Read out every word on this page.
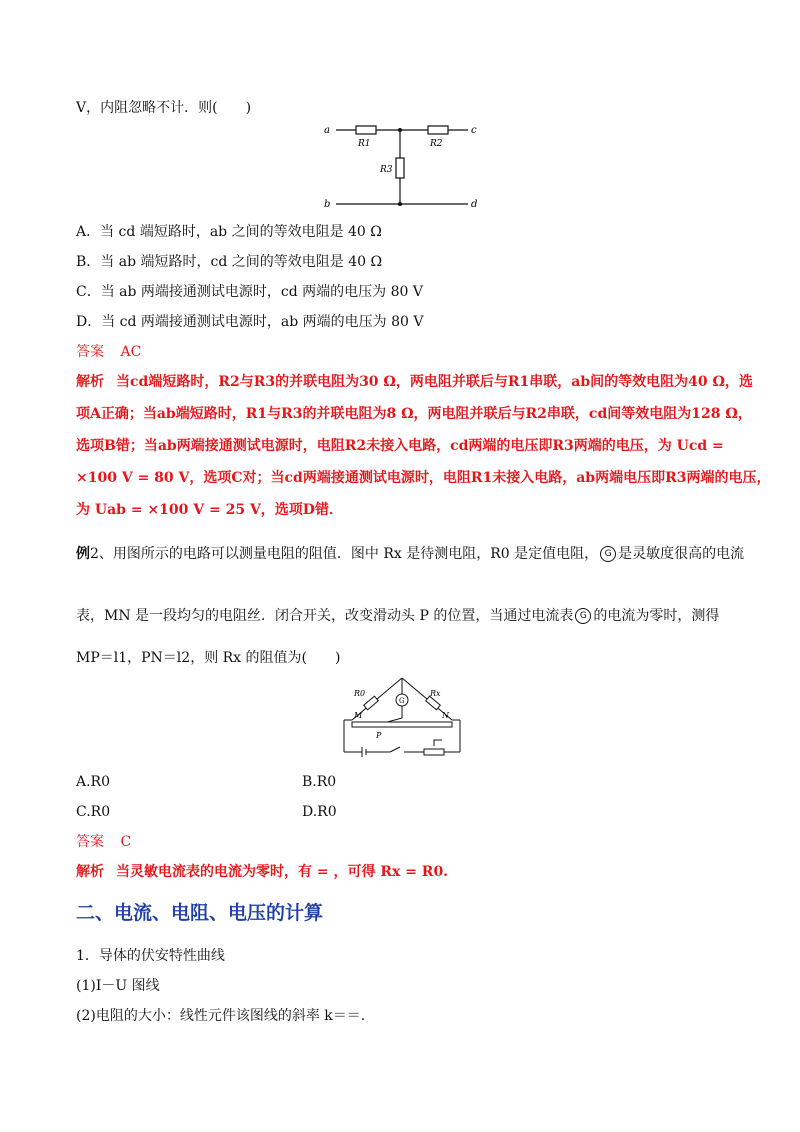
V，内阻忽略不计．则(　　)
a	c
b	d
R1	R2
R3
A．当 cd 端短路时，ab 之间的等效电阻是 40 Ω
B．当 ab 端短路时，cd 之间的等效电阻是 40 Ω
C．当 ab 两端接通测试电源时，cd 两端的电压为 80 V
D．当 cd 两端接通测试电源时，ab 两端的电压为 80 V
答案 AC
解析 当cd端短路时，R2与R3的并联电阻为30 Ω，两电阻并联后与R1串联，ab间的等效电阻为40 Ω，选
项A正确；当ab端短路时，R1与R3的并联电阻为8 Ω，两电阻并联后与R2串联，cd间等效电阻为128 Ω，
选项B错；当ab两端接通测试电源时，电阻R2未接入电路，cd两端的电压即R3两端的电压，为 Ucd =
×100 V = 80 V，选项C对；当cd两端接通测试电源时，电阻R1未接入电路，ab两端电压即R3两端的电压，
为 Uab = ×100 V = 25 V，选项D错．
例2、用图所示的电路可以测量电阻的阻值．图中 Rx 是待测电阻，R0 是定值电阻， G 是灵敏度很高的电流
表，MN 是一段均匀的电阻丝．闭合开关，改变滑动头 P 的位置，当通过电流表 G 的电流为零时，测得
MP＝l1，PN＝l2，则 Rx 的阻值为(　　)
R0	Rx
G
M	N
P
A.R0	B.R0
C.R0	D.R0
答案 C
解析 当灵敏电流表的电流为零时，有 = ，可得 Rx = R0.
二、电流、电阻、电压的计算
1．导体的伏安特性曲线
(1)I－U 图线
(2)电阻的大小：线性元件该图线的斜率 k＝＝.
